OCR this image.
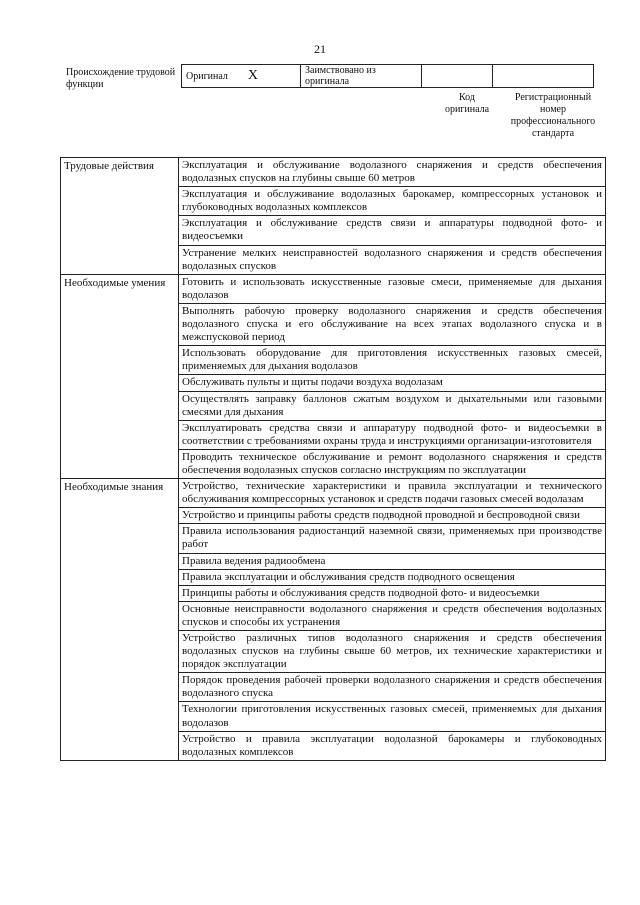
21
Происхождение трудовой функции
Оригинал X	Заимствовано из оригинала		
Код оригинала
Регистрационный номер профессионального стандарта
Трудовые действия	Эксплуатация и обслуживание водолазного снаряжения и средств обеспечения водолазных спусков на глубины свыше 60 метров
	Эксплуатация и обслуживание водолазных барокамер, компрессорных установок и глубоководных водолазных комплексов
	Эксплуатация и обслуживание средств связи и аппаратуры подводной фото- и видеосъемки
	Устранение мелких неисправностей водолазного снаряжения и средств обеспечения водолазных спусков
Необходимые умения	Готовить и использовать искусственные газовые смеси, применяемые для дыхания водолазов
	Выполнять рабочую проверку водолазного снаряжения и средств обеспечения водолазного спуска и его обслуживание на всех этапах водолазного спуска и в межспусковой период
	Использовать оборудование для приготовления искусственных газовых смесей, применяемых для дыхания водолазов
	Обслуживать пульты и щиты подачи воздуха водолазам
	Осуществлять заправку баллонов сжатым воздухом и дыхательными или газовыми смесями для дыхания
	Эксплуатировать средства связи и аппаратуру подводной фото- и видеосъемки в соответствии с требованиями охраны труда и инструкциями организации-изготовителя
	Проводить техническое обслуживание и ремонт водолазного снаряжения и средств обеспечения водолазных спусков согласно инструкциям по эксплуатации
Необходимые знания	Устройство, технические характеристики и правила эксплуатации и технического обслуживания компрессорных установок и средств подачи газовых смесей водолазам
	Устройство и принципы работы средств подводной проводной и беспроводной связи
	Правила использования радиостанций наземной связи, применяемых при производстве работ
	Правила ведения радиообмена
	Правила эксплуатации и обслуживания средств подводного освещения
	Принципы работы и обслуживания средств подводной фото- и видеосъемки
	Основные неисправности водолазного снаряжения и средств обеспечения водолазных спусков и способы их устранения
	Устройство различных типов водолазного снаряжения и средств обеспечения водолазных спусков на глубины свыше 60 метров, их технические характеристики и порядок эксплуатации
	Порядок проведения рабочей проверки водолазного снаряжения и средств обеспечения водолазного спуска
	Технологии приготовления искусственных газовых смесей, применяемых для дыхания водолазов
	Устройство и правила эксплуатации водолазной барокамеры и глубоководных водолазных комплексов
